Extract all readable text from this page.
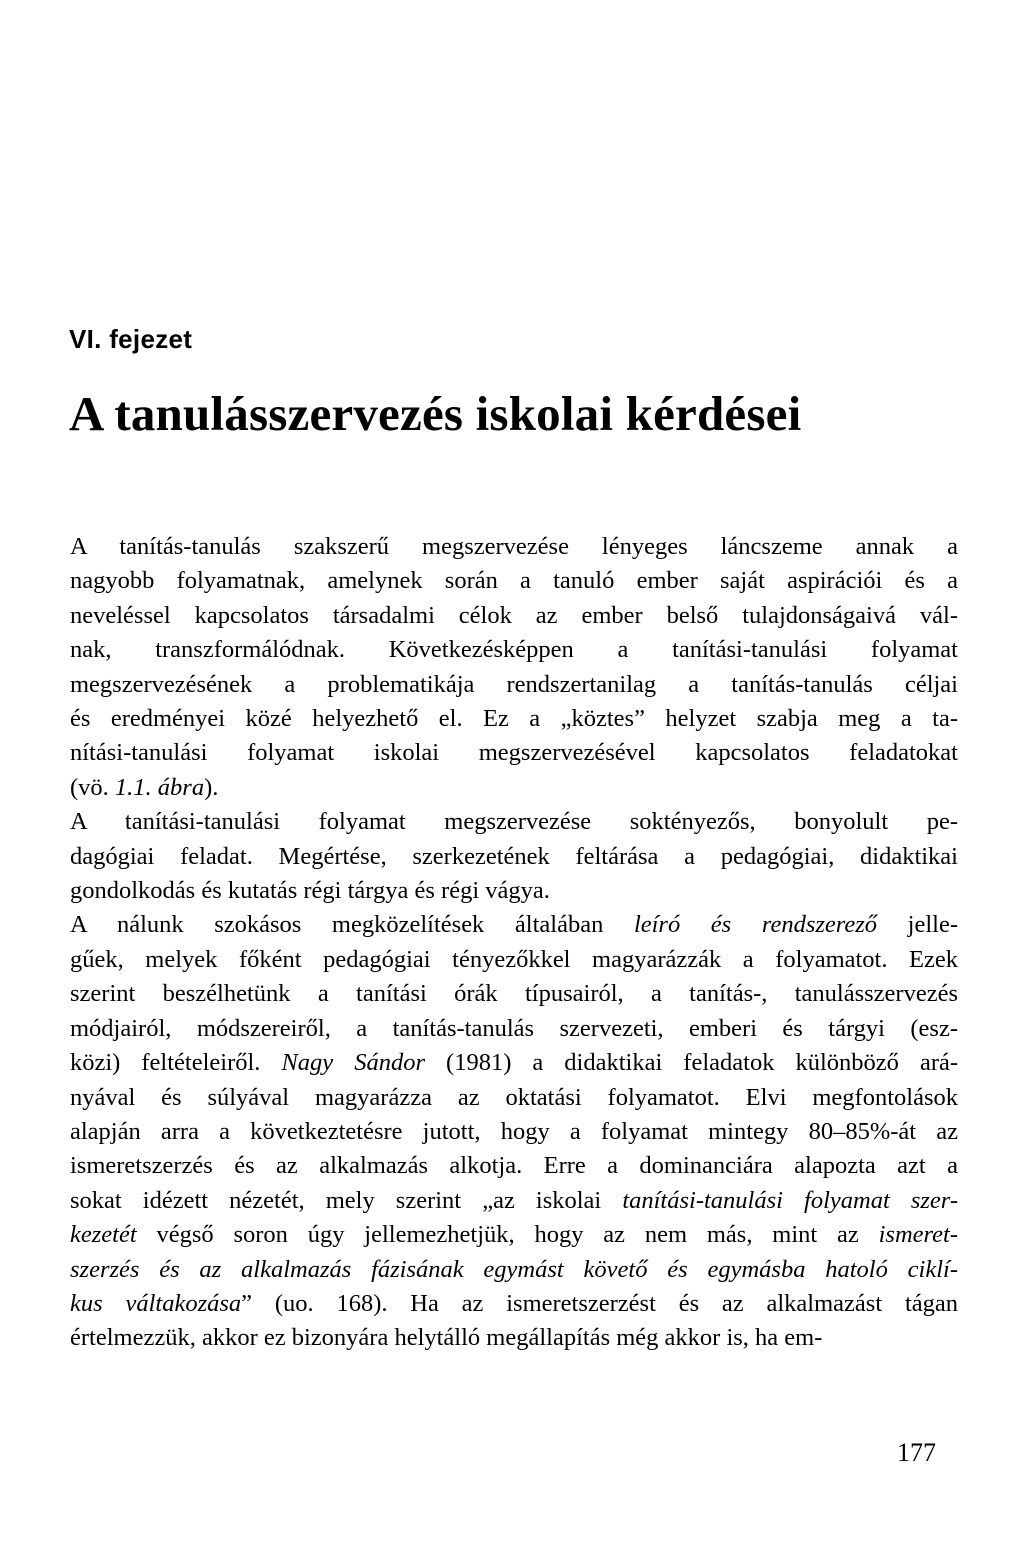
VI. fejezet
A tanulásszervezés iskolai kérdései

A tanítás-tanulás szakszerű megszervezése lényeges láncszeme annak a
nagyobb folyamatnak, amelynek során a tanuló ember saját aspirációi és a
neveléssel kapcsolatos társadalmi célok az ember belső tulajdonságaivá vál-
nak, transzformálódnak. Következésképpen a tanítási-tanulási folyamat
megszervezésének a problematikája rendszertanilag a tanítás-tanulás céljai
és eredményei közé helyezhető el. Ez a „köztes” helyzet szabja meg a ta-
nítási-tanulási folyamat iskolai megszervezésével kapcsolatos feladatokat
(vö. 1.1. ábra).

A tanítási-tanulási folyamat megszervezése soktényezős, bonyolult pe-
dagógiai feladat. Megértése, szerkezetének feltárása a pedagógiai, didaktikai
gondolkodás és kutatás régi tárgya és régi vágya.

A nálunk szokásos megközelítések általában leíró és rendszerező jelle-
gűek, melyek főként pedagógiai tényezőkkel magyarázzák a folyamatot. Ezek
szerint beszélhetünk a tanítási órák típusairól, a tanítás-, tanulásszervezés
módjairól, módszereiről, a tanítás-tanulás szervezeti, emberi és tárgyi (esz-
közi) feltételeiről. Nagy Sándor (1981) a didaktikai feladatok különböző ará-
nyával és súlyával magyarázza az oktatási folyamatot. Elvi megfontolások
alapján arra a következtetésre jutott, hogy a folyamat mintegy 80–85%-át az
ismeretszerzés és az alkalmazás alkotja. Erre a dominanciára alapozta azt a
sokat idézett nézetét, mely szerint „az iskolai tanítási-tanulási folyamat szer-
kezetét végső soron úgy jellemezhetjük, hogy az nem más, mint az ismeret-
szerzés és az alkalmazás fázisának egymást követő és egymásba hatoló ciklí-
kus váltakozása” (uo. 168). Ha az ismeretszerzést és az alkalmazást tágan
értelmezzük, akkor ez bizonyára helytálló megállapítás még akkor is, ha em-

177
